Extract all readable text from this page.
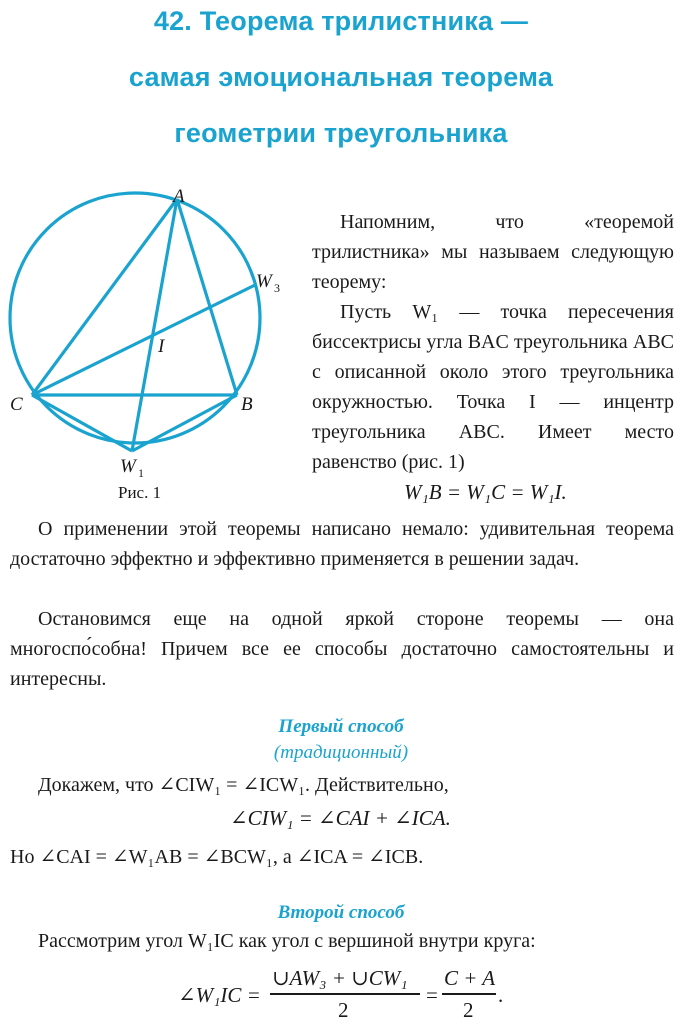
42. Теорема трилистника —
самая эмоциональная теорема
геометрии треугольника
A
B
C
I
W 1
W 3
Рис. 1
Напомним, что «теоремой трилистника» мы называем следующую теорему:
Пусть W₁ — точка пересечения биссектрисы угла BAC треугольника ABC с описанной около этого треугольника окружностью. Точка I — инцентр треугольника ABC. Имеет место равенство (рис. 1)
W₁B = W₁C = W₁I.
О применении этой теоремы написано немало: удивительная теорема достаточно эффектно и эффективно применяется в решении задач.
Остановимся еще на одной яркой стороне теоремы — она многоспо́собна! Причем все ее способы достаточно самостоятельны и интересны.
Первый способ
(традиционный)
Докажем, что ∠CIW₁ = ∠ICW₁. Действительно,
∠CIW₁ = ∠CAI + ∠ICA.
Но ∠CAI = ∠W₁AB = ∠BCW₁, а ∠ICA = ∠ICB.
Второй способ
Рассмотрим угол W₁IC как угол с вершиной внутри круга:
∠W₁IC =
∪AW₃ + ∪CW₁
2
=
C + A
2
.
